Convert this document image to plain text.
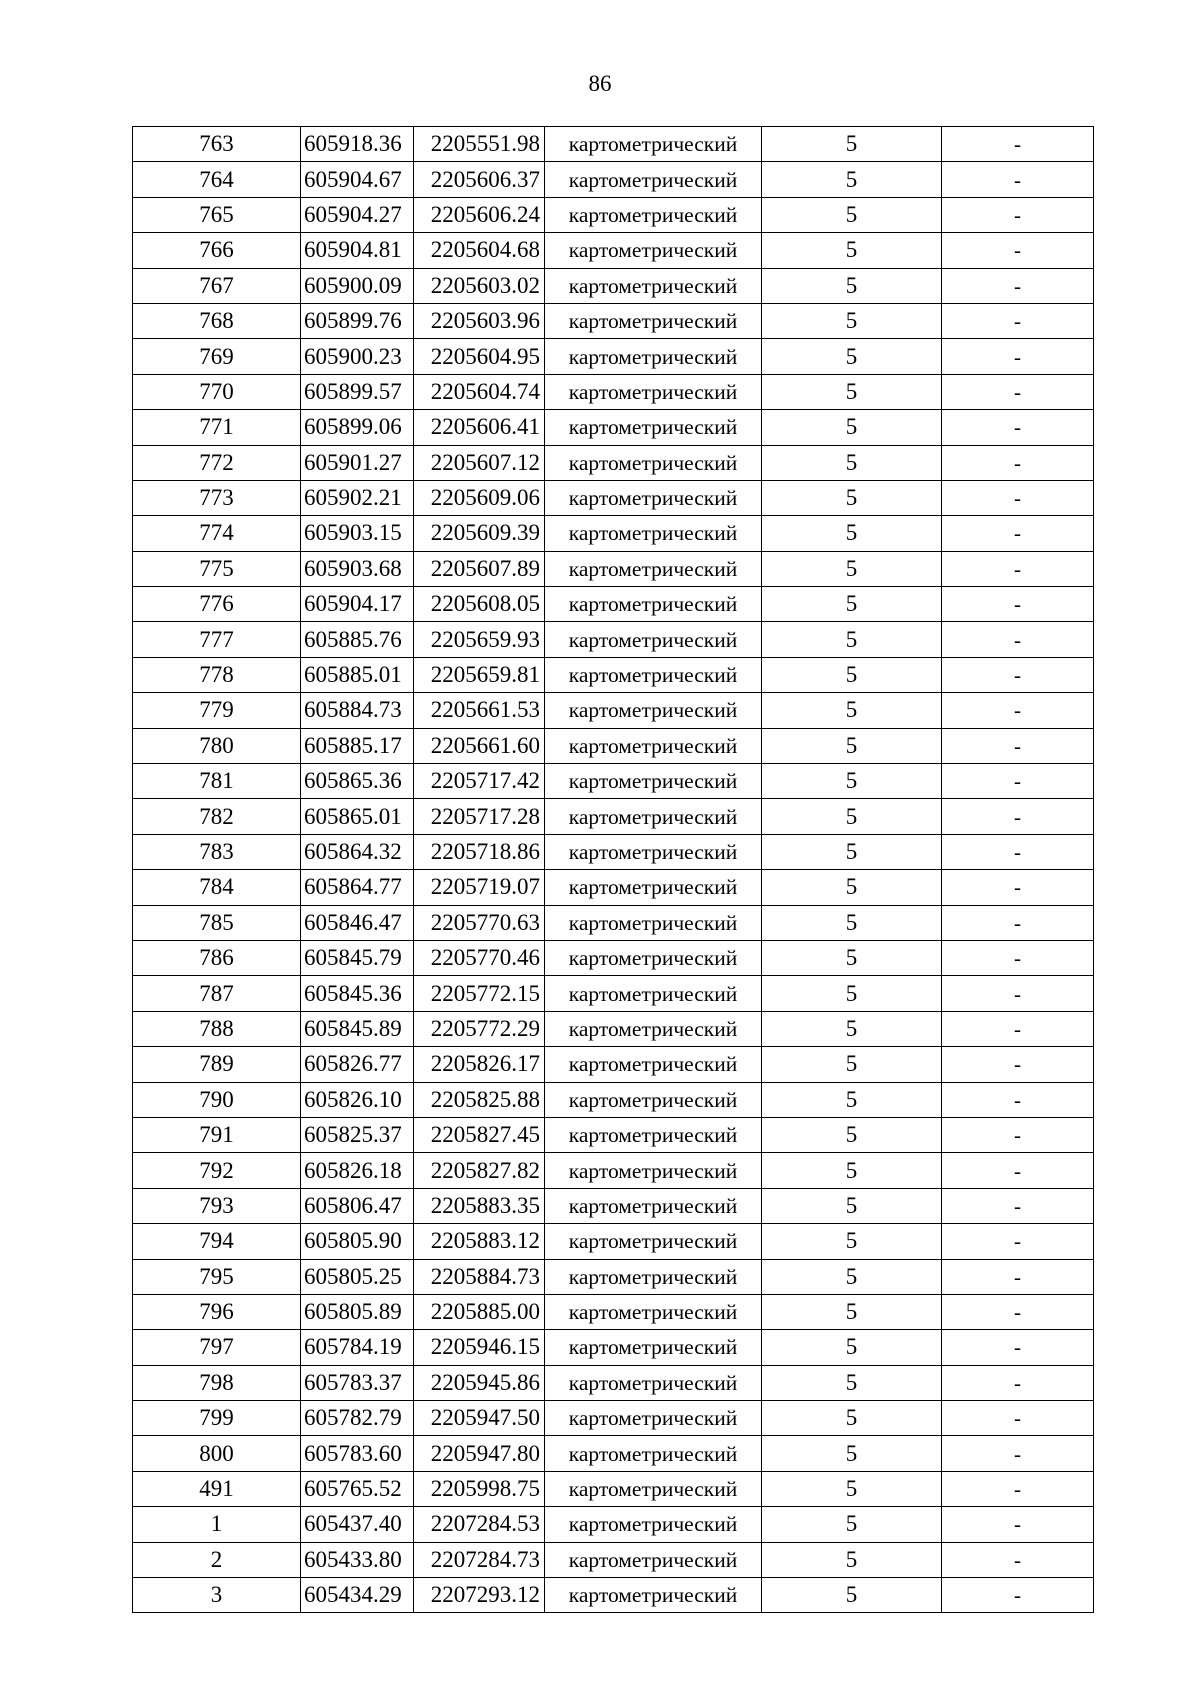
86
763	605918.36	2205551.98	картометрический	5	-
764	605904.67	2205606.37	картометрический	5	-
765	605904.27	2205606.24	картометрический	5	-
766	605904.81	2205604.68	картометрический	5	-
767	605900.09	2205603.02	картометрический	5	-
768	605899.76	2205603.96	картометрический	5	-
769	605900.23	2205604.95	картометрический	5	-
770	605899.57	2205604.74	картометрический	5	-
771	605899.06	2205606.41	картометрический	5	-
772	605901.27	2205607.12	картометрический	5	-
773	605902.21	2205609.06	картометрический	5	-
774	605903.15	2205609.39	картометрический	5	-
775	605903.68	2205607.89	картометрический	5	-
776	605904.17	2205608.05	картометрический	5	-
777	605885.76	2205659.93	картометрический	5	-
778	605885.01	2205659.81	картометрический	5	-
779	605884.73	2205661.53	картометрический	5	-
780	605885.17	2205661.60	картометрический	5	-
781	605865.36	2205717.42	картометрический	5	-
782	605865.01	2205717.28	картометрический	5	-
783	605864.32	2205718.86	картометрический	5	-
784	605864.77	2205719.07	картометрический	5	-
785	605846.47	2205770.63	картометрический	5	-
786	605845.79	2205770.46	картометрический	5	-
787	605845.36	2205772.15	картометрический	5	-
788	605845.89	2205772.29	картометрический	5	-
789	605826.77	2205826.17	картометрический	5	-
790	605826.10	2205825.88	картометрический	5	-
791	605825.37	2205827.45	картометрический	5	-
792	605826.18	2205827.82	картометрический	5	-
793	605806.47	2205883.35	картометрический	5	-
794	605805.90	2205883.12	картометрический	5	-
795	605805.25	2205884.73	картометрический	5	-
796	605805.89	2205885.00	картометрический	5	-
797	605784.19	2205946.15	картометрический	5	-
798	605783.37	2205945.86	картометрический	5	-
799	605782.79	2205947.50	картометрический	5	-
800	605783.60	2205947.80	картометрический	5	-
491	605765.52	2205998.75	картометрический	5	-
1	605437.40	2207284.53	картометрический	5	-
2	605433.80	2207284.73	картометрический	5	-
3	605434.29	2207293.12	картометрический	5	-
